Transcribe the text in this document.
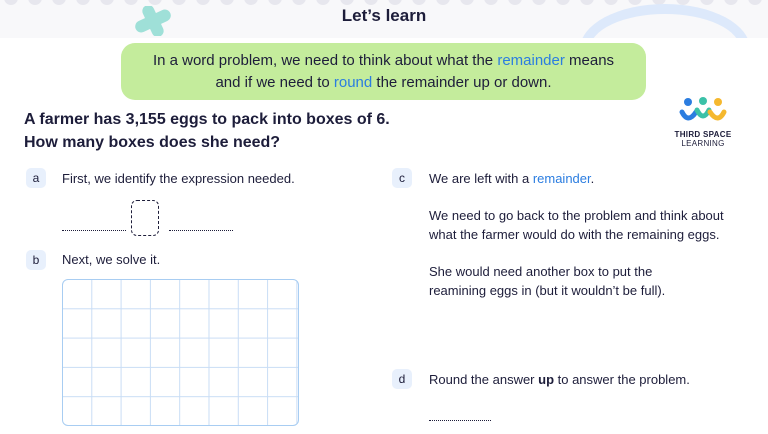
Let’s learn
In a word problem, we need to think about what the remainder means
and if we need to round the remainder up or down.
A farmer has 3,155 eggs to pack into boxes of 6.
How many boxes does she need?	THIRD SPACE
LEARNING
a	First, we identify the expression needed.
b	Next, we solve it.
c	We are left with a remainder.
We need to go back to the problem and think about
what the farmer would do with the remaining eggs.
She would need another box to put the
reamining eggs in (but it wouldn’t be full).
d	Round the answer up to answer the problem.
